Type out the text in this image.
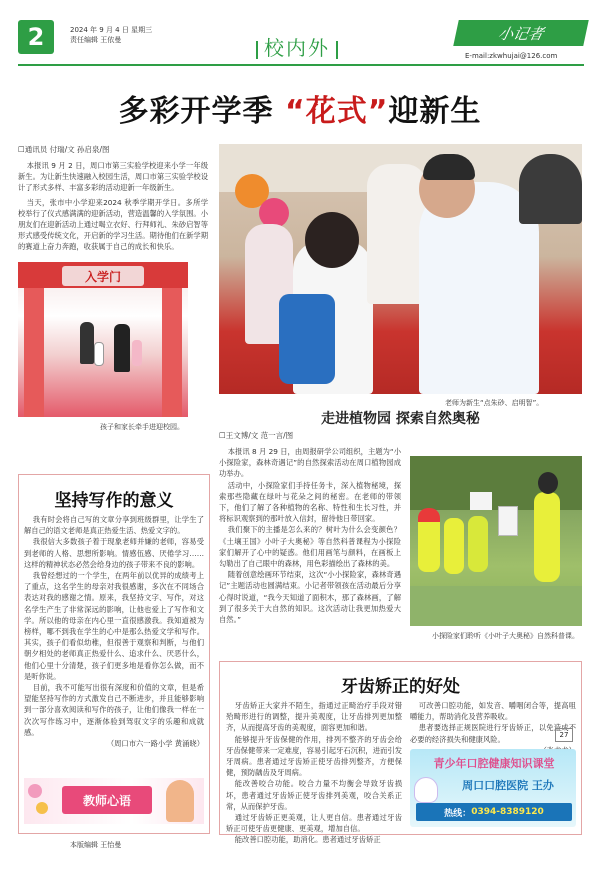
2	2024 年 9 月 4 日 星期三
责任编辑 王依曼	校内外
小记者
E-mail:zkwhujai@126.com
多彩开学季 “花式”迎新生
☐通讯员 付瑞/文 孙启泉/图

本报讯 9 月 2 日，周口市第三实验学校迎来小学一年级新生。为让新生快速融入校园生活，周口市第三实验学校设计了形式多样、丰富多彩的活动迎新一年级新生。

当天，张市中小学迎来2024 秋季学期开学日。多所学校举行了仪式感满满的迎新活动，营造温馨的入学氛围。小朋友们在迎新活动上通过喝立衣好、行拜师礼、朱砂启智等形式感受传统文化，开启新的学习生活。期待他们在新学期的赛道上奋力奔跑，收获属于自己的成长和快乐。

入学门
孩子和家长牵手进迎校园。
老师为新生“点朱砂、启明智”。
走进植物园 探索自然奥秘
☐王文博/文 范一言/图

本报讯 8 月 29 日，由周报研学公司组织，主题为“小小探险家，森林奇遇记”的自然探索活动在周口植物园成功举办。

活动中，小探险家们手持任务卡，深入植物秘境，探索那些隐藏在绿叶与花朵之间的秘密。在老师的带领下，他们了解了各种植物的名称、特性和生长习性，并将标识观察到的那叶放入信封，留待他日带回家。

我们聚下的主播是怎么来的？树叶为什么会变颜色？《土壤王国》小叶子大奥秘》等自然科普课程为小探险家们解开了心中的疑惑。他们用画笔与颜料，在画板上勾勒出了自己眼中的森林，用色彩描绘出了森林的美。

随着创意绘画环节结束，这次“小小探险家，森林奇遇记”主题活动也圆满结束。小记者带领孩在活动最后分享心得时说道，“我今天知道了面积木，那了森林画，了解到了很多关于大自然的知识。这次活动让我更加热爱大自然。”

小探险家们聆听《小叶子大奥秘》自然科普课。
坚持写作的意义

我有时会将自己写的文章分享到班级群里，让学生了解自己的语文老师是真正热爱生活、热爱文字的。

我很信大多数孩子着于现象老师并嫌的老师，容易受到老师的人格、思想所影响。情感伍感、厌倦学习……这样的精神状态必然会给身边的孩子带来不良的影响。

我曾经想过的一个学生，在两年前以优异的成绩考上了重点，这名学生的母亲对我很感谢，多次在不同场合表达对我的感谢之情。原来，我坚持文字、写作，对这名学生产生了非常深远的影响，让他也爱上了写作和文学。所以他的母亲在内心里一直很感激我。我知道被为榜样，哪不到我在学生的心中是那么热爱文学和写作。其实，孩子们看似幼稚，但很善于观察和判断，与他们朝夕相处的老师真正热爱什么、追求什么、厌恶什么，他们心里十分清楚，孩子们更多地是看你怎么做，而不是听你说。

目前，我不可能写出很有深度和价值的文章，但是希望能坚持写作的方式激发自己不断进步，并且能够影响到一部分喜欢阅读和写作的孩子，让他们像我一样在一次次写作练习中，逐渐体验到驾驭文字的乐趣和成就感。

（周口市六一路小学 黄涌晓）

教师心语
本版编辑 王怡曼
牙齿矫正的好处

牙齿矫正大家并不陌生，指通过正畸治疗手段对错殆畸形进行的调整，提升美观度，让牙齿排列更加整齐，从而提高牙齿的美观度，面容更加和谐。

能够提升牙齿保健的作用，排列不整齐的牙齿会给牙齿保健带来一定难度，容易引起牙石沉积，进而引发牙周病。患者通过牙齿矫正使牙齿排列整齐，方便保健，预防龋齿及牙周病。

能改善咬合功能。咬合力量不均衡会导致牙齿损坏，患者通过牙齿矫正使牙齿排列美观，咬合关系正常，从而保护牙齿。

通过牙齿矫正更美观，让人更自信。患者通过牙齿矫正可使牙齿更健康、更美观，增加自信。

能改善口腔功能，助消化。患者通过牙齿矫正

可改善口腔功能，如发音、嚼咽闭合等，提高咀嚼能力，帮助消化及营养吸收。

患者要选择正规医院进行牙齿矫正，以免造成不必要的经济损失和健康风险。	27
青少年口腔健康知识课堂
周口口腔医院 王办
热线： 0394-8389120
